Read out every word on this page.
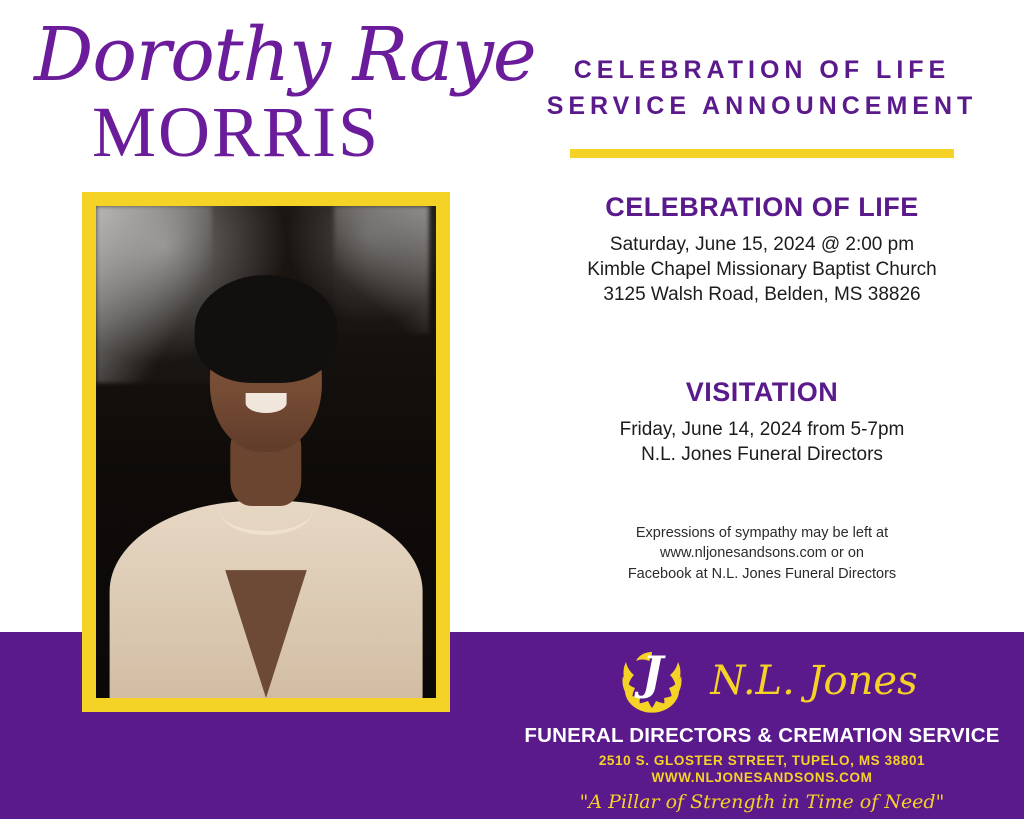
Dorothy Raye
MORRIS
CELEBRATION OF LIFE
SERVICE ANNOUNCEMENT
CELEBRATION OF LIFE
Saturday, June 15, 2024 @ 2:00 pm
Kimble Chapel Missionary Baptist Church
3125 Walsh Road, Belden, MS 38826
VISITATION
Friday, June 14, 2024 from 5-7pm
N.L. Jones Funeral Directors
Expressions of sympathy may be left at
www.nljonesandsons.com or on
Facebook at N.L. Jones Funeral Directors
J	N.L. Jones
FUNERAL DIRECTORS & CREMATION SERVICE
2510 S. GLOSTER STREET, TUPELO, MS 38801
WWW.NLJONESANDSONS.COM
"A Pillar of Strength in Time of Need"
